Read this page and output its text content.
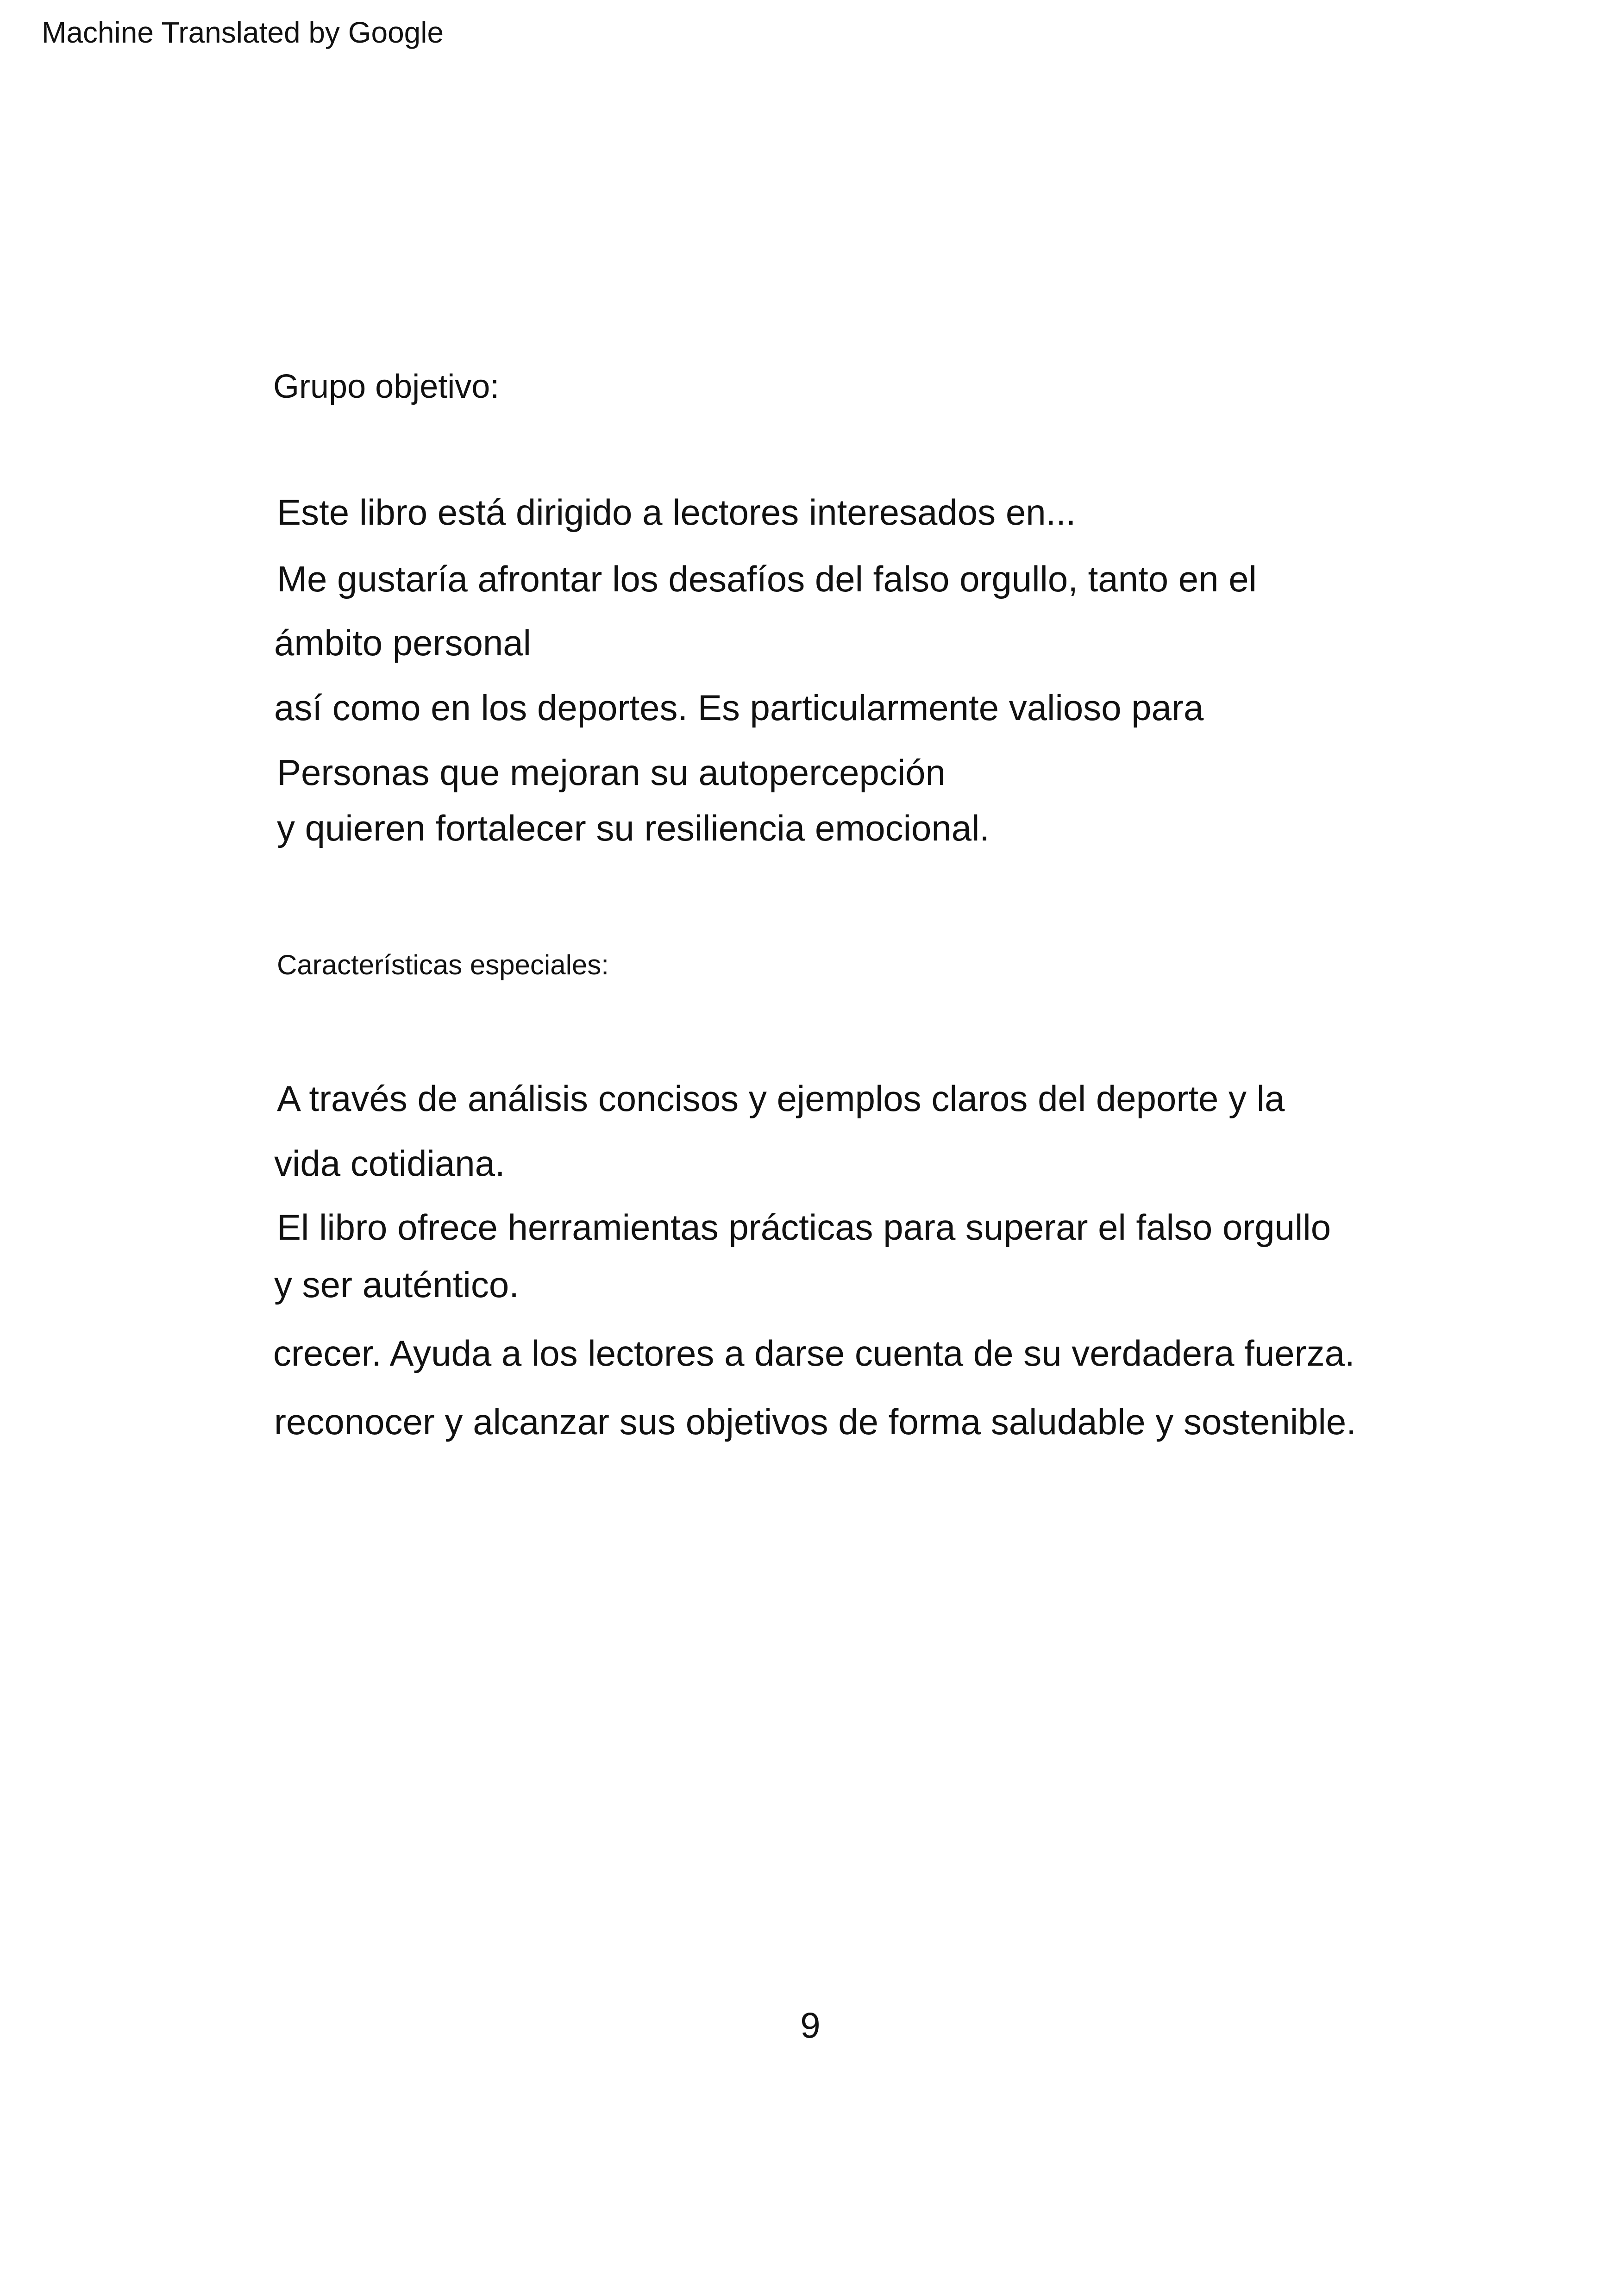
Machine Translated by Google
Grupo objetivo:
Este libro está dirigido a lectores interesados en...
Me gustaría afrontar los desafíos del falso orgullo, tanto en el
ámbito personal
así como en los deportes. Es particularmente valioso para
Personas que mejoran su autopercepción
y quieren fortalecer su resiliencia emocional.
Características especiales:
A través de análisis concisos y ejemplos claros del deporte y la
vida cotidiana.
El libro ofrece herramientas prácticas para superar el falso orgullo
y ser auténtico.
crecer. Ayuda a los lectores a darse cuenta de su verdadera fuerza.
reconocer y alcanzar sus objetivos de forma saludable y sostenible.
9
